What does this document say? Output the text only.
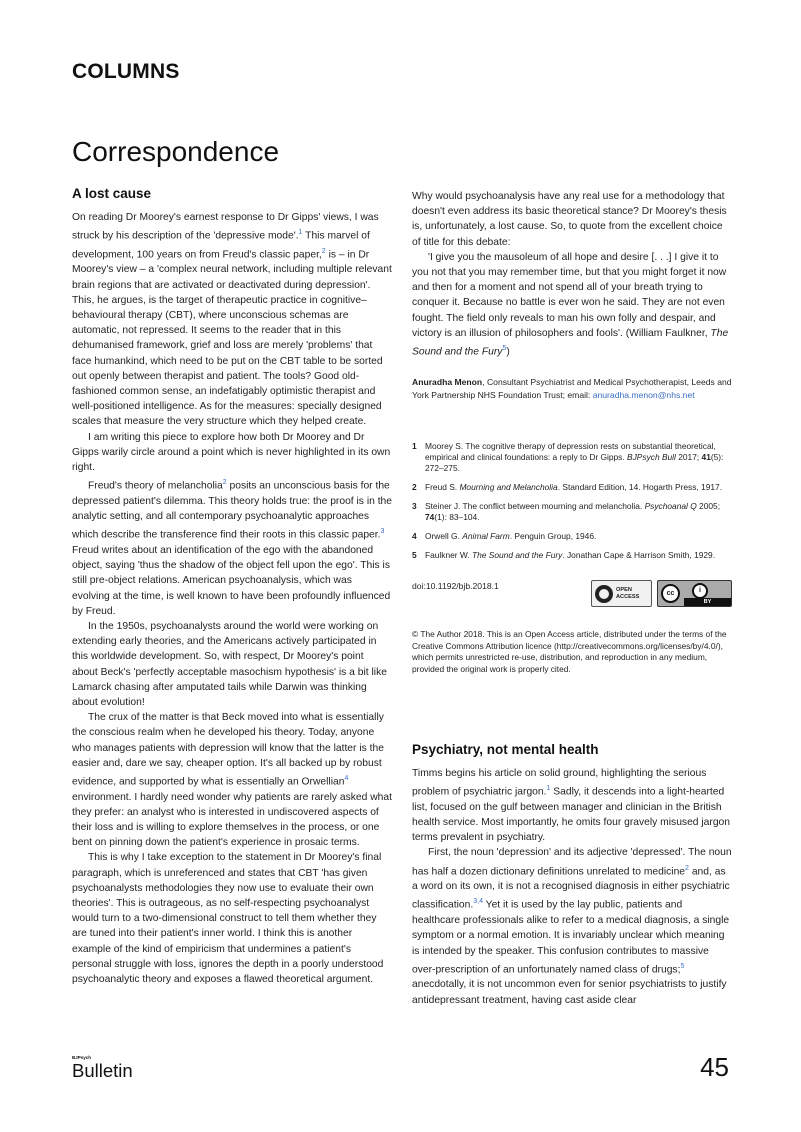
COLUMNS
Correspondence
A lost cause

On reading Dr Moorey's earnest response to Dr Gipps' views, I was struck by his description of the 'depressive mode'.$^1$ This marvel of development, 100 years on from Freud's classic paper,$^2$ is – in Dr Moorey's view – a 'complex neural network, including multiple relevant brain regions that are activated or deactivated during depression'. This, he argues, is the target of therapeutic practice in cognitive–behavioural therapy (CBT), where unconscious schemas are automatic, not repressed. It seems to the reader that in this dehumanised framework, grief and loss are merely 'problems' that face humankind, which need to be put on the CBT table to be sorted out openly between therapist and patient. The tools? Good old-fashioned common sense, an indefatigably optimistic therapist and well-positioned intelligence. As for the measures: specially designed scales that measure the very structure which they helped create.

I am writing this piece to explore how both Dr Moorey and Dr Gipps warily circle around a point which is never highlighted in its own right.

Freud's theory of melancholia$^2$ posits an unconscious basis for the depressed patient's dilemma. This theory holds true: the proof is in the analytic setting, and all contemporary psychoanalytic approaches which describe the transference find their roots in this classic paper.$^3$ Freud writes about an identification of the ego with the abandoned object, saying 'thus the shadow of the object fell upon the ego'. This is still pre-object relations. American psychoanalysis, which was evolving at the time, is well known to have been profoundly influenced by Freud.

In the 1950s, psychoanalysts around the world were working on extending early theories, and the Americans actively participated in this worldwide development. So, with respect, Dr Moorey's point about Beck's 'perfectly acceptable masochism hypothesis' is a bit like Lamarck chasing after amputated tails while Darwin was thinking about evolution!

The crux of the matter is that Beck moved into what is essentially the conscious realm when he developed his theory. Today, anyone who manages patients with depression will know that the latter is the easier and, dare we say, cheaper option. It's all backed up by robust evidence, and supported by what is essentially an Orwellian$^4$ environment. I hardly need wonder why patients are rarely asked what they prefer: an analyst who is interested in undiscovered aspects of their loss and is willing to explore themselves in the process, or one bent on pinning down the patient's experience in prosaic terms.

This is why I take exception to the statement in Dr Moorey's final paragraph, which is unreferenced and states that CBT 'has given psychoanalysts methodologies they now use to evaluate their own theories'. This is outrageous, as no self-respecting psychoanalyst would turn to a two-dimensional construct to tell them whether they are tuned into their patient's inner world. I think this is another example of the kind of empiricism that undermines a patient's personal struggle with loss, ignores the depth in a poorly understood psychoanalytic theory and exposes a flawed theoretical argument.

Why would psychoanalysis have any real use for a methodology that doesn't even address its basic theoretical stance? Dr Moorey's thesis is, unfortunately, a lost cause. So, to quote from the excellent choice of title for this debate:

'I give you the mausoleum of all hope and desire [. . .] I give it to you not that you may remember time, but that you might forget it now and then for a moment and not spend all of your breath trying to conquer it. Because no battle is ever won he said. They are not even fought. The field only reveals to man his own folly and despair, and victory is an illusion of philosophers and fools'. (William Faulkner, The Sound and the Fury$^5$)

Anuradha Menon, Consultant Psychiatrist and Medical Psychotherapist, Leeds and York Partnership NHS Foundation Trust; email: anuradha.menon@nhs.net

1 Moorey S. The cognitive therapy of depression rests on substantial theoretical, empirical and clinical foundations: a reply to Dr Gipps. BJPsych Bull 2017; 41(5): 272–275.
2 Freud S. Mourning and Melancholia. Standard Edition, 14. Hogarth Press, 1917.
3 Steiner J. The conflict between mourning and melancholia. Psychoanal Q 2005; 74(1): 83–104.
4 Orwell G. Animal Farm. Penguin Group, 1946.
5 Faulkner W. The Sound and the Fury. Jonathan Cape & Harrison Smith, 1929.
doi:10.1192/bjb.2018.1	OPEN
ACCESS	cc	i
BY

© The Author 2018. This is an Open Access article, distributed under the terms of the Creative Commons Attribution licence (http://creativecommons.org/licenses/by/4.0/), which permits unrestricted re-use, distribution, and reproduction in any medium, provided the original work is properly cited.

Psychiatry, not mental health

Timms begins his article on solid ground, highlighting the serious problem of psychiatric jargon.$^1$ Sadly, it descends into a light-hearted list, focused on the gulf between manager and clinician in the British health service. Most importantly, he omits four gravely misused jargon terms prevalent in psychiatry.

First, the noun 'depression' and its adjective 'depressed'. The noun has half a dozen dictionary definitions unrelated to medicine$^2$ and, as a word on its own, it is not a recognised diagnosis in either psychiatric classification.$^{3,4}$ Yet it is used by the lay public, patients and healthcare professionals alike to refer to a medical diagnosis, a single symptom or a normal emotion. It is invariably unclear which meaning is intended by the speaker. This confusion contributes to massive over-prescription of an unfortunately named class of drugs;$^5$ anecdotally, it is not uncommon even for senior psychiatrists to justify antidepressant treatment, having cast aside clear

BJPsych
Bulletin	45
